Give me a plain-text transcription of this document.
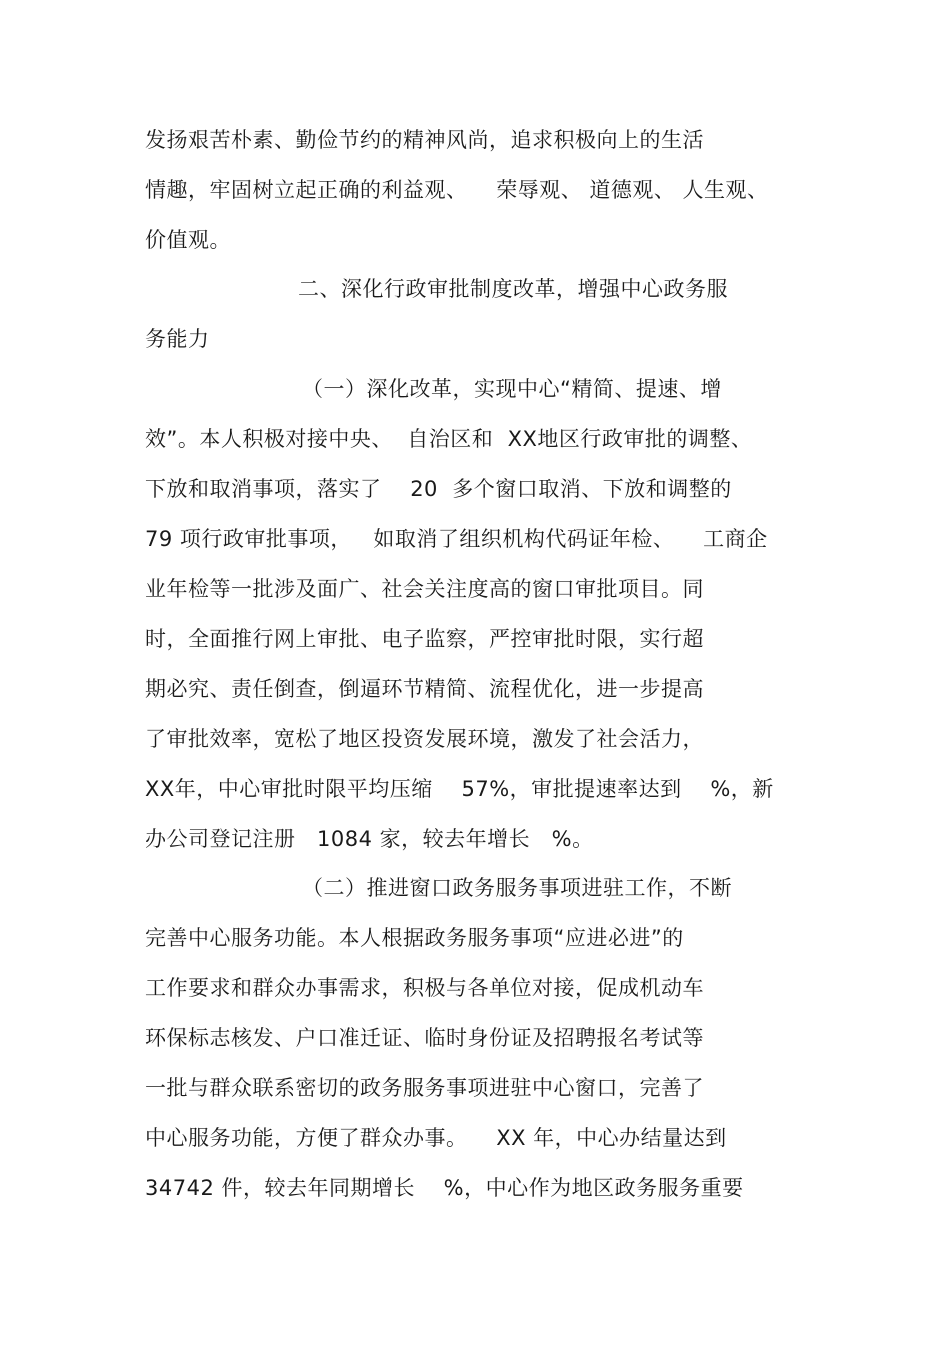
发扬艰苦朴素、勤俭节约的精神风尚，追求积极向上的生活
情趣，牢固树立起正确的利益观、    荣辱观、 道德观、 人生观、
价值观。
二、深化行政审批制度改革，增强中心政务服
务能力
（一）深化改革，实现中心“精简、提速、增
效”。本人积极对接中央、  自治区和  XX地区行政审批的调整、
下放和取消事项，落实了    20  多个窗口取消、下放和调整的
79 项行政审批事项，   如取消了组织机构代码证年检、    工商企
业年检等一批涉及面广、社会关注度高的窗口审批项目。同
时，全面推行网上审批、电子监察，严控审批时限，实行超
期必究、责任倒查，倒逼环节精简、流程优化，进一步提高
了审批效率，宽松了地区投资发展环境，激发了社会活力，
XX年，中心审批时限平均压缩    57%，审批提速率达到    %，新
办公司登记注册   1084 家，较去年增长   %。
（二）推进窗口政务服务事项进驻工作，不断
完善中心服务功能。本人根据政务服务事项“应进必进”的
工作要求和群众办事需求，积极与各单位对接，促成机动车
环保标志核发、户口准迁证、临时身份证及招聘报名考试等
一批与群众联系密切的政务服务事项进驻中心窗口，完善了
中心服务功能，方便了群众办事。    XX 年，中心办结量达到
34742 件，较去年同期增长    %，中心作为地区政务服务重要
